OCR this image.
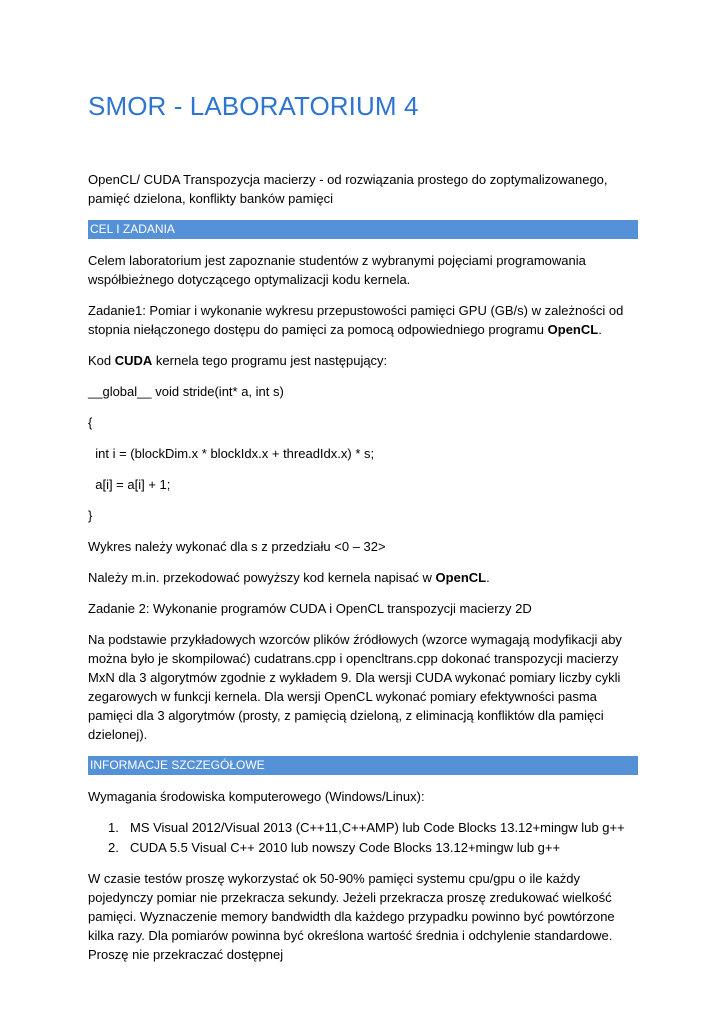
SMOR - LABORATORIUM 4

OpenCL/ CUDA Transpozycja macierzy - od rozwiązania prostego do zoptymalizowanego, pamięć dzielona, konflikty banków pamięci

CEL I ZADANIA

Celem laboratorium jest zapoznanie studentów z wybranymi pojęciami programowania współbieżnego dotyczącego optymalizacji kodu kernela.

Zadanie1: Pomiar i wykonanie wykresu przepustowości pamięci GPU (GB/s) w zależności od stopnia niełączonego dostępu do pamięci za pomocą odpowiedniego programu OpenCL.

Kod CUDA kernela tego programu jest następujący:

__global__ void stride(int* a, int s)
{
int i = (blockDim.x * blockIdx.x + threadIdx.x) * s;
a[i] = a[i] + 1;
}

Wykres należy wykonać dla s z przedziału <0 – 32>

Należy m.in. przekodować powyższy kod kernela napisać w OpenCL.

Zadanie 2: Wykonanie programów CUDA i OpenCL transpozycji macierzy 2D

Na podstawie przykładowych wzorców plików źródłowych (wzorce wymagają modyfikacji aby można było je skompilować) cudatrans.cpp i opencltrans.cpp dokonać transpozycji macierzy MxN dla 3 algorytmów zgodnie z wykładem 9. Dla wersji CUDA wykonać pomiary liczby cykli zegarowych w funkcji kernela. Dla wersji OpenCL wykonać pomiary efektywności pasma pamięci dla 3 algorytmów (prosty, z pamięcią dzieloną, z eliminacją konfliktów dla pamięci dzielonej).

INFORMACJE SZCZEGÓŁOWE

Wymagania środowiska komputerowego (Windows/Linux):

1. MS Visual 2012/Visual 2013 (C++11,C++AMP) lub Code Blocks 13.12+mingw lub g++
2. CUDA 5.5 Visual C++ 2010 lub nowszy Code Blocks 13.12+mingw lub g++

W czasie testów proszę wykorzystać ok 50-90% pamięci systemu cpu/gpu o ile każdy pojedynczy pomiar nie przekracza sekundy. Jeżeli przekracza proszę zredukować wielkość pamięci. Wyznaczenie memory bandwidth dla każdego przypadku powinno być powtórzone kilka razy. Dla pomiarów powinna być określona wartość średnia i odchylenie standardowe. Proszę nie przekraczać dostępnej
